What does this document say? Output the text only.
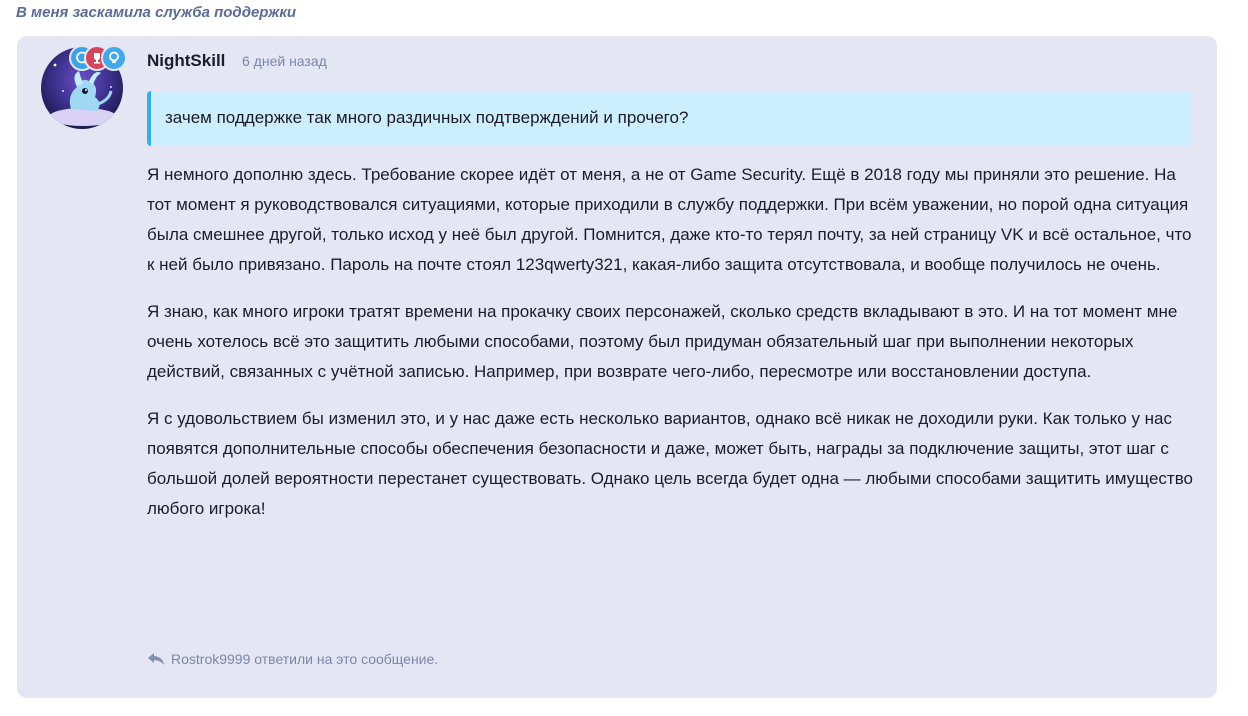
В меня заскамила служба поддержки
NightSkill 6 дней назад
зачем поддержке так много раздичных подтверждений и прочего?

Я немного дополню здесь. Требование скорее идёт от меня, а не от Game Security. Ещё в 2018 году мы приняли это решение. На тот момент я руководствовался ситуациями, которые приходили в службу поддержки. При всём уважении, но порой одна ситуация была смешнее другой, только исход у неё был другой. Помнится, даже кто-то терял почту, за ней страницу VK и всё остальное, что к ней было привязано. Пароль на почте стоял 123qwerty321, какая-либо защита отсутствовала, и вообще получилось не очень.

Я знаю, как много игроки тратят времени на прокачку своих персонажей, сколько средств вкладывают в это. И на тот момент мне очень хотелось всё это защитить любыми способами, поэтому был придуман обязательный шаг при выполнении некоторых действий, связанных с учётной записью. Например, при возврате чего-либо, пересмотре или восстановлении доступа.

Я с удовольствием бы изменил это, и у нас даже есть несколько вариантов, однако всё никак не доходили руки. Как только у нас появятся дополнительные способы обеспечения безопасности и даже, может быть, награды за подключение защиты, этот шаг с большой долей вероятности перестанет существовать. Однако цель всегда будет одна — любыми способами защитить имущество любого игрока!

Rostrok9999 ответили на это сообщение.
